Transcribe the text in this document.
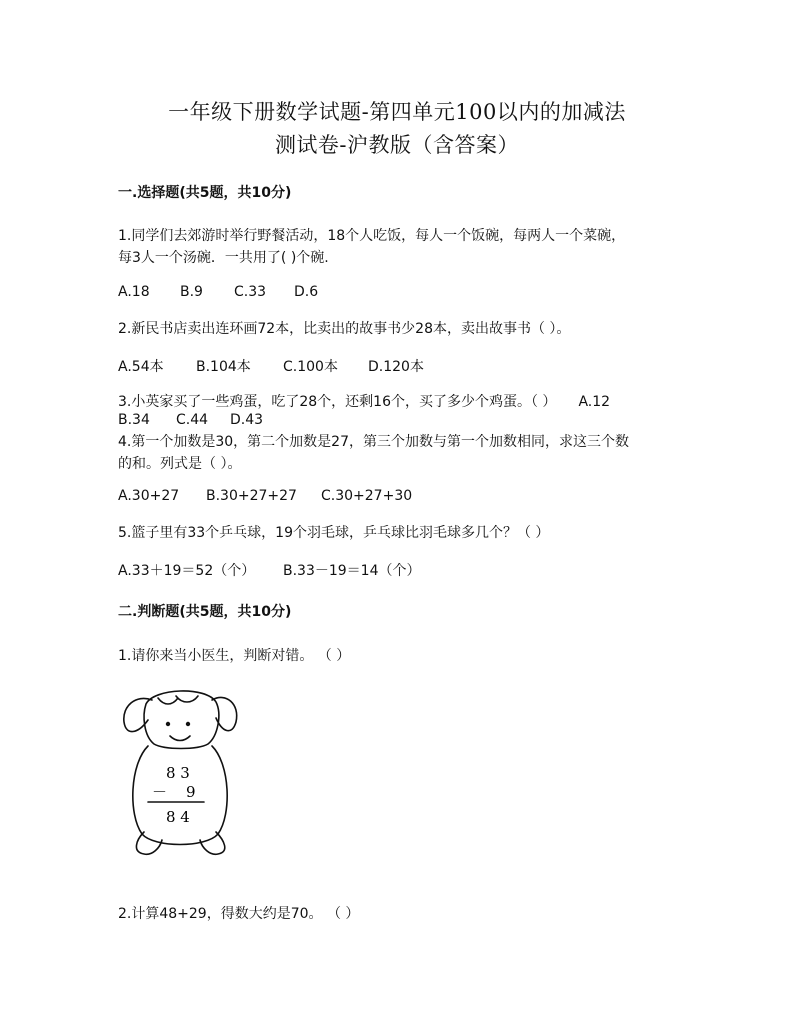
一年级下册数学试题-第四单元100以内的加减法
测试卷-沪教版（含答案）
一.选择题(共5题，共10分)
1.同学们去郊游时举行野餐活动，18个人吃饭，每人一个饭碗，每两人一个菜碗，
每3人一个汤碗．一共用了( )个碗.
A.18 B.9 C.33 D.6
2.新民书店卖出连环画72本，比卖出的故事书少28本，卖出故事书（ ）。
A.54本 B.104本 C.100本 D.120本
3.小英家买了一些鸡蛋，吃了28个，还剩16个，买了多少个鸡蛋。（ ） A.12
B.34 C.44 D.43
4.第一个加数是30，第二个加数是27，第三个加数与第一个加数相同，求这三个数
的和。列式是（ ）。
A.30+27 B.30+27+27 C.30+27+30
5.篮子里有33个乒乓球，19个羽毛球，乒乓球比羽毛球多几个？（ ）
A.33＋19＝52（个） B.33－19＝14（个）
二.判断题(共5题，共10分)
1.请你来当小医生，判断对错。 （ ）
8 3
－ 9
8 4
2.计算48+29，得数大约是70。 （ ）
